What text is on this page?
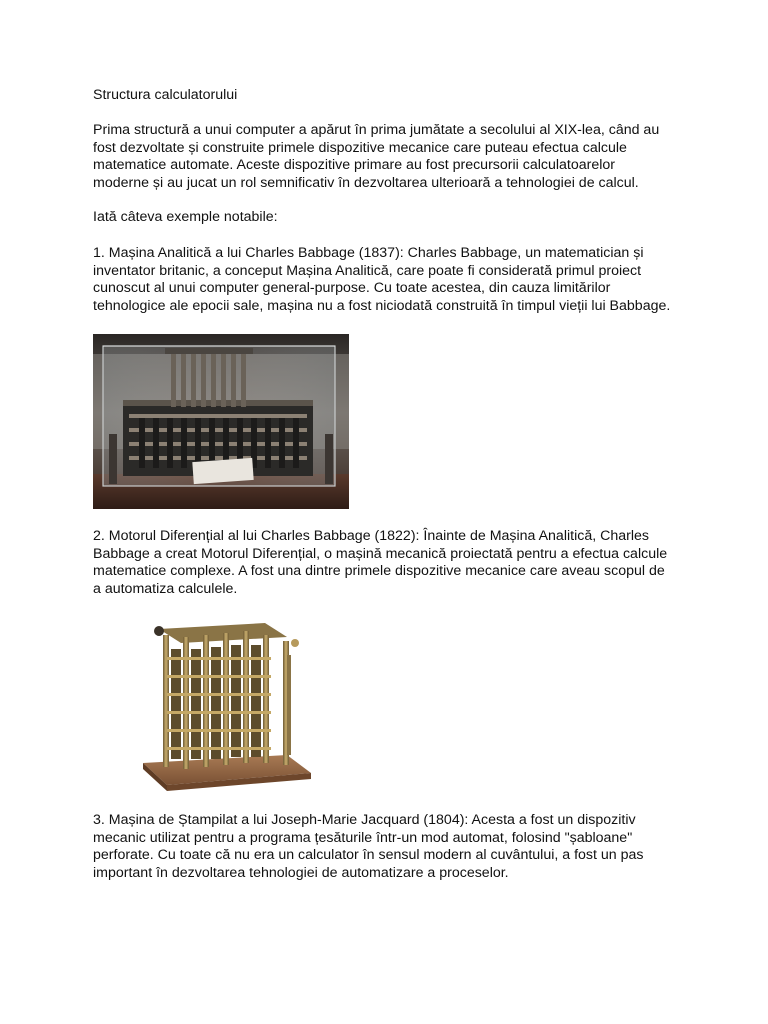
Structura calculatorului
Prima structură a unui computer a apărut în prima jumătate a secolului al XIX-lea, când au
fost dezvoltate și construite primele dispozitive mecanice care puteau efectua calcule
matematice automate. Aceste dispozitive primare au fost precursorii calculatoarelor
moderne și au jucat un rol semnificativ în dezvoltarea ulterioară a tehnologiei de calcul.
Iată câteva exemple notabile:
1. Mașina Analitică a lui Charles Babbage (1837): Charles Babbage, un matematician și
inventator britanic, a conceput Mașina Analitică, care poate fi considerată primul proiect
cunoscut al unui computer general-purpose. Cu toate acestea, din cauza limitărilor
tehnologice ale epocii sale, mașina nu a fost niciodată construită în timpul vieții lui Babbage.
2. Motorul Diferențial al lui Charles Babbage (1822): Înainte de Mașina Analitică, Charles
Babbage a creat Motorul Diferențial, o mașină mecanică proiectată pentru a efectua calcule
matematice complexe. A fost una dintre primele dispozitive mecanice care aveau scopul de
a automatiza calculele.
3. Mașina de Ștampilat a lui Joseph-Marie Jacquard (1804): Acesta a fost un dispozitiv
mecanic utilizat pentru a programa țesăturile într-un mod automat, folosind "șabloane"
perforate. Cu toate că nu era un calculator în sensul modern al cuvântului, a fost un pas
important în dezvoltarea tehnologiei de automatizare a proceselor.
